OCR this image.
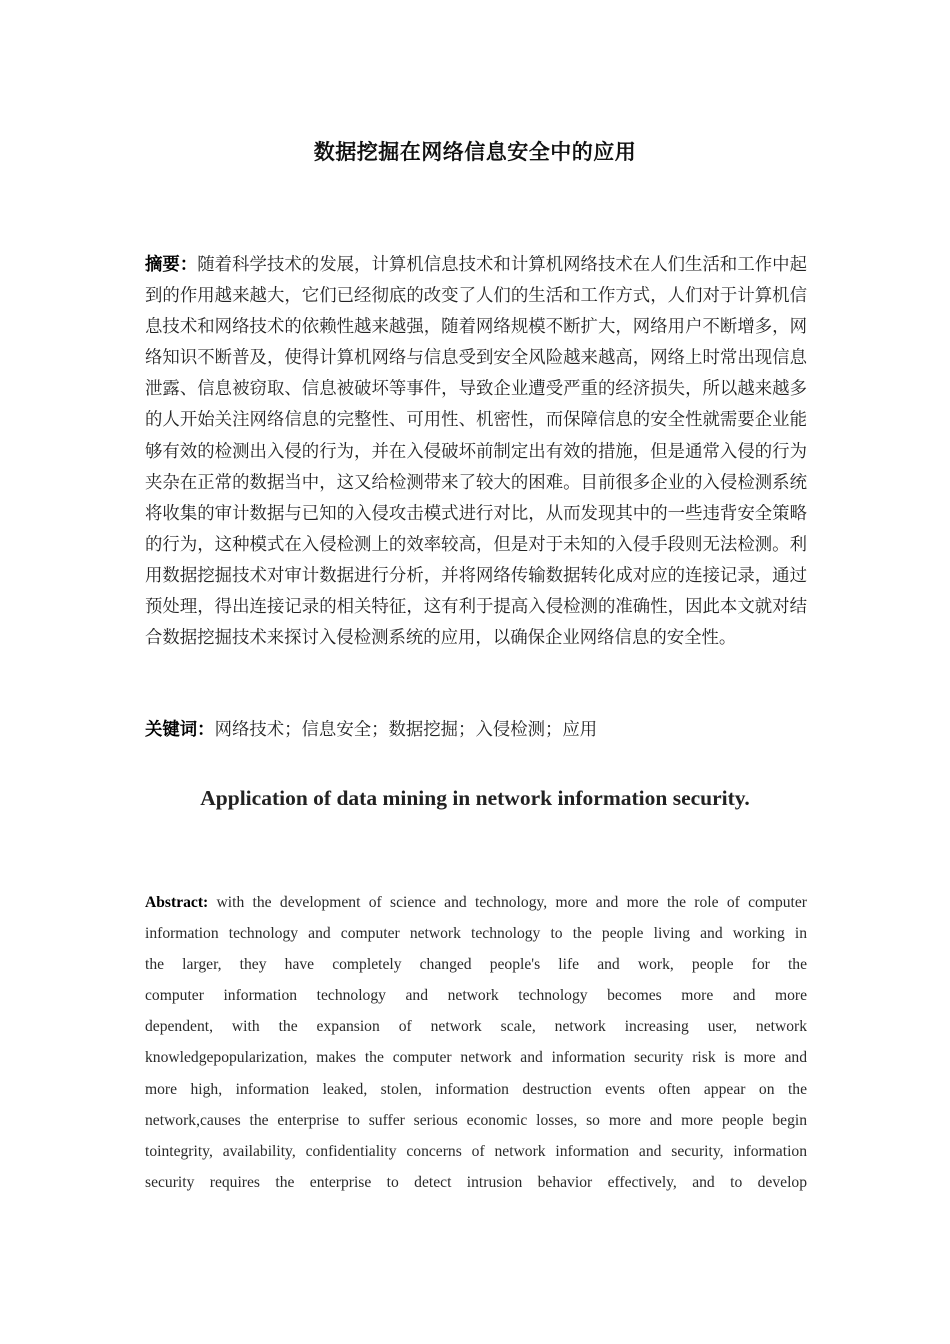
数据挖掘在网络信息安全中的应用
摘要：随着科学技术的发展，计算机信息技术和计算机网络技术在人们生活和工作中起到的作用越来越大，它们已经彻底的改变了人们的生活和工作方式，人们对于计算机信息技术和网络技术的依赖性越来越强，随着网络规模不断扩大，网络用户不断增多，网络知识不断普及，使得计算机网络与信息受到安全风险越来越高，网络上时常出现信息泄露、信息被窃取、信息被破坏等事件，导致企业遭受严重的经济损失，所以越来越多的人开始关注网络信息的完整性、可用性、机密性，而保障信息的安全性就需要企业能够有效的检测出入侵的行为，并在入侵破坏前制定出有效的措施，但是通常入侵的行为夹杂在正常的数据当中，这又给检测带来了较大的困难。目前很多企业的入侵检测系统将收集的审计数据与已知的入侵攻击模式进行对比，从而发现其中的一些违背安全策略的行为，这种模式在入侵检测上的效率较高，但是对于未知的入侵手段则无法检测。利用数据挖掘技术对审计数据进行分析，并将网络传输数据转化成对应的连接记录，通过预处理，得出连接记录的相关特征，这有利于提高入侵检测的准确性，因此本文就对结合数据挖掘技术来探讨入侵检测系统的应用，以确保企业网络信息的安全性。
关键词：网络技术；信息安全；数据挖掘；入侵检测；应用
Application of data mining in network information security.
Abstract: with the development of science and technology, more and more the role of computer
information technology and computer network technology to the people living and working in
the larger, they have completely changed people's life and work, people for the
computer information technology and network technology becomes more and more
dependent, with the expansion of network scale, network increasing user, network
knowledgepopularization, makes the computer network and information security risk is more and
more high, information leaked, stolen, information destruction events often appear on the
network,causes the enterprise to suffer serious economic losses, so more and more people begin
tointegrity, availability, confidentiality concerns of network information and security, information
security requires the enterprise to detect intrusion behavior effectively, and to develop
